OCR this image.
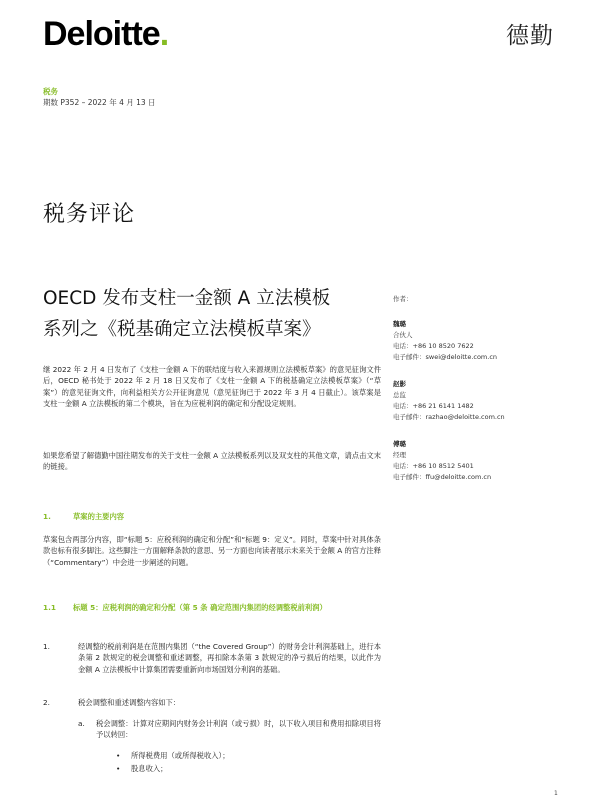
Deloitte.	德勤
税务
期数 P352 – 2022 年 4 月 13 日
税务评论
OECD 发布支柱一金额 A 立法模板
系列之《税基确定立法模板草案》
继 2022 年 2 月 4 日发布了《支柱一金额 A 下的联结度与收入来源规则立法模板草案》的意见征询文件后，OECD 秘书处于 2022 年 2 月 18 日又发布了《支柱一金额 A 下的税基确定立法模板草案》（“草案”）的意见征询文件，向利益相关方公开征询意见（意见征询已于 2022 年 3 月 4 日截止）。该草案是支柱一金额 A 立法模板的第二个模块，旨在为应税利润的确定和分配设定规则。
如果您希望了解德勤中国往期发布的关于支柱一金额 A 立法模板系列以及双支柱的其他文章，请点击文末的链接。
1.	草案的主要内容
草案包含两部分内容，即“标题 5：应税利润的确定和分配”和“标题 9：定义”。同时，草案中针对具体条款也标有很多脚注。这些脚注一方面解释条款的意思、另一方面也向读者展示未来关于金额 A 的官方注释（“Commentary”）中会进一步阐述的问题。
1.1 标题 5：应税利润的确定和分配（第 5 条 确定范围内集团的经调整税前利润）
1.	经调整的税前利润是在范围内集团（“the Covered Group”）的财务会计利润基础上，进行本条第 2 款规定的税会调整和重述调整，再扣除本条第 3 款规定的净亏损后的结果，以此作为金额 A 立法模板中计算集团需要重新向市场国划分利润的基础。
2.	税会调整和重述调整内容如下：
a. 税会调整：计算对应期间内财务会计利润（或亏损）时，以下收入项目和费用扣除项目将予以转回：
• 所得税费用（或所得税收入）；
• 股息收入；
作者：
魏璐
合伙人
电话：+86 10 8520 7622
电子邮件：swei@deloitte.com.cn
赵影
总监
电话：+86 21 6141 1482
电子邮件：razhao@deloitte.com.cn
傅璐
经理
电话：+86 10 8512 5401
电子邮件：ffu@deloitte.com.cn
1
